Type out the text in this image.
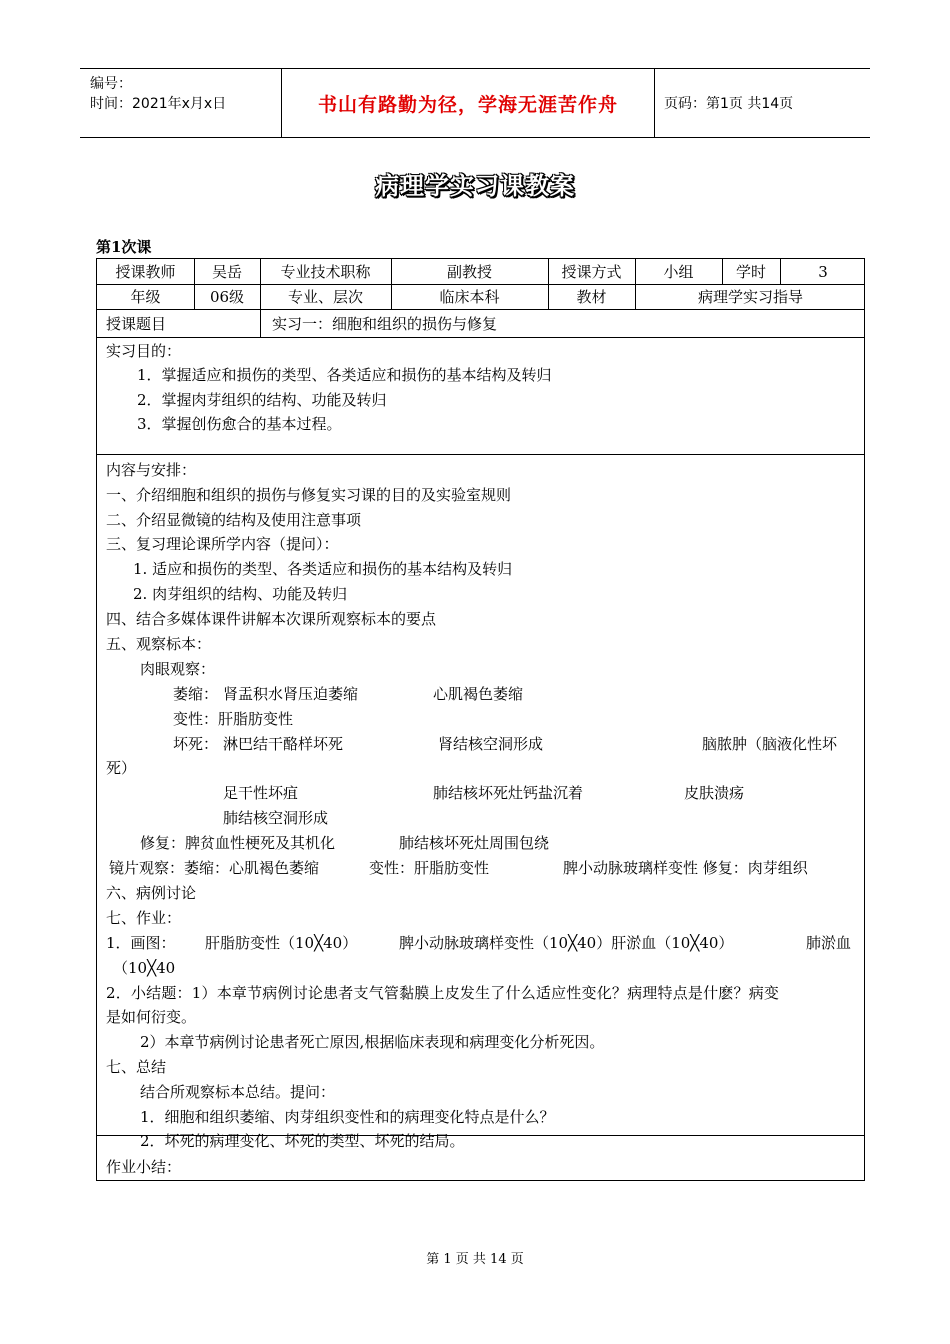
编号：
时间：2021年x月x日	书山有路勤为径，学海无涯苦作舟	页码：第1页 共14页
病理学实习课教案
第1次课
授课教师	吴岳	专业技术职称	副教授	授课方式	小组	学时	3
年级	06级	专业、层次	临床本科	教材	病理学实习指导
授课题目	实习一：细胞和组织的损伤与修复
实习目的：
1．掌握适应和损伤的类型、各类适应和损伤的基本结构及转归
2．掌握肉芽组织的结构、功能及转归
3．掌握创伤愈合的基本过程。
内容与安排：
一、介绍细胞和组织的损伤与修复实习课的目的及实验室规则
二、介绍显微镜的结构及使用注意事项
三、复习理论课所学内容（提问）：
1. 适应和损伤的类型、各类适应和损伤的基本结构及转归
2. 肉芽组织的结构、功能及转归
四、结合多媒体课件讲解本次课所观察标本的要点
五、观察标本：
肉眼观察：
萎缩： 肾盂积水肾压迫萎缩	心肌褐色萎缩
变性：肝脂肪变性
坏死： 淋巴结干酪样坏死	肾结核空洞形成	脑脓肿（脑液化性坏
死）
足干性坏疽	肺结核坏死灶钙盐沉着	皮肤溃疡
肺结核空洞形成
修复：脾贫血性梗死及其机化	肺结核坏死灶周围包绕
镜片观察：萎缩：心肌褐色萎缩	变性：肝脂肪变性	脾小动脉玻璃样变性 修复：肉芽组织
六、病例讨论
七、作业：
1．画图： 肝脂肪变性（10╳40）	脾小动脉玻璃样变性（10╳40）肝淤血（10╳40）	肺淤血
（10╳40
2．小结题：1）本章节病例讨论患者支气管黏膜上皮发生了什么适应性变化？病理特点是什麽？病变
是如何衍变。
2）本章节病例讨论患者死亡原因,根据临床表现和病理变化分析死因。
七、总结
结合所观察标本总结。提问：
1．细胞和组织萎缩、肉芽组织变性和的病理变化特点是什么？
2．坏死的病理变化、坏死的类型、坏死的结局。
作业小结：
第 1 页 共 14 页
